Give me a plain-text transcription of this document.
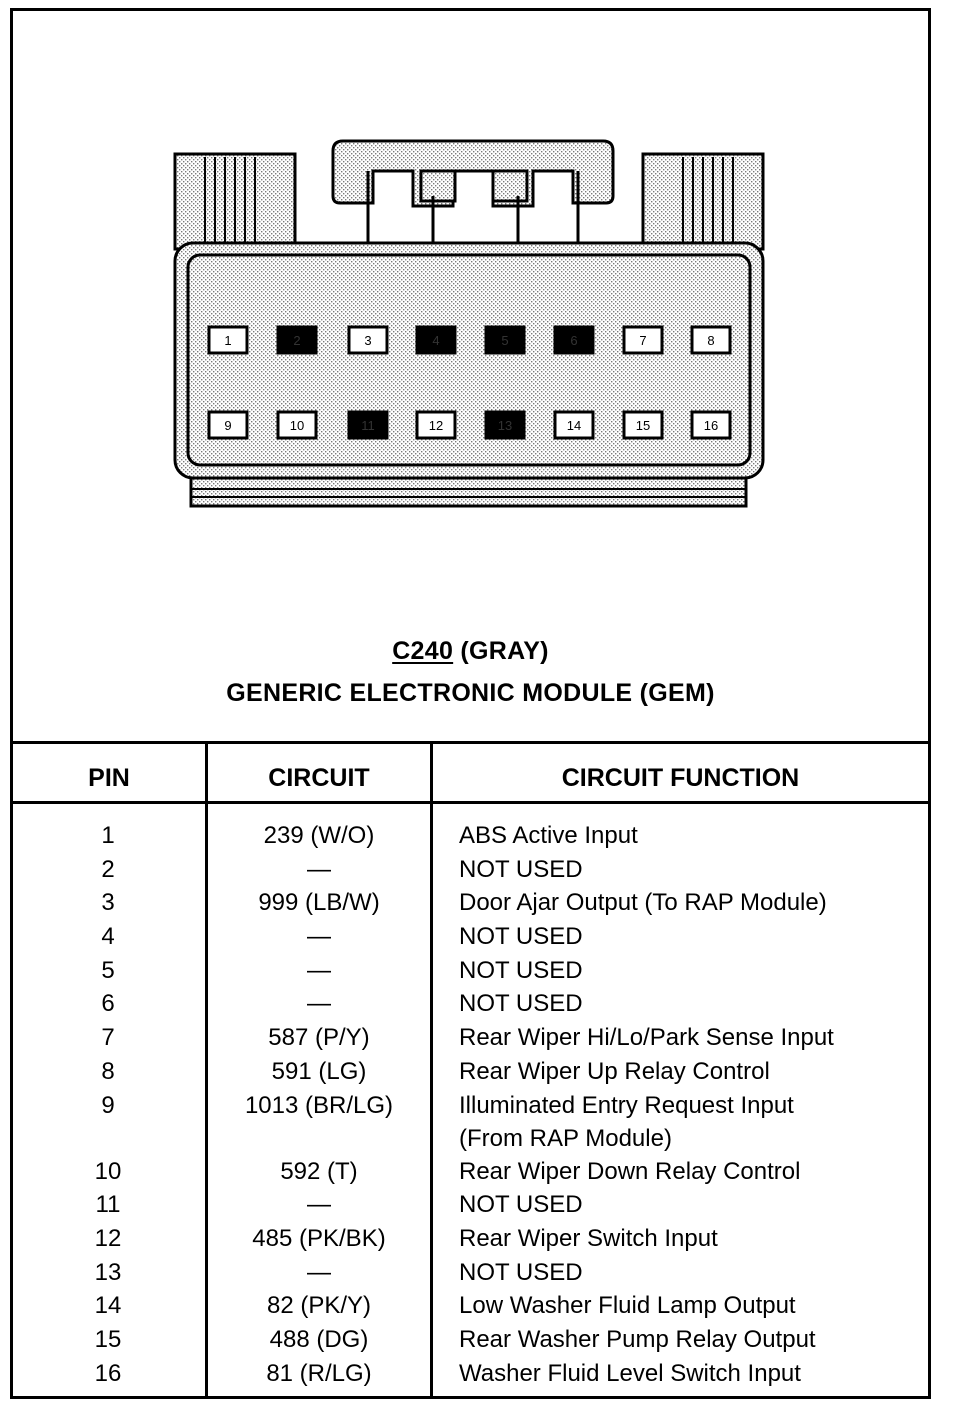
1	2	3	4	5	6	7	8
9	10	11	12	13	14	15	16
C240 (GRAY)
GENERIC ELECTRONIC MODULE (GEM)
PIN	CIRCUIT	CIRCUIT FUNCTION
1	239 (W/O)	ABS Active Input
2	—	NOT USED
3	999 (LB/W)	Door Ajar Output (To RAP Module)
4	—	NOT USED
5	—	NOT USED
6	—	NOT USED
7	587 (P/Y)	Rear Wiper Hi/Lo/Park Sense Input
8	591 (LG)	Rear Wiper Up Relay Control
9	1013 (BR/LG)	Illuminated Entry Request Input
(From RAP Module)
10	592 (T)	Rear Wiper Down Relay Control
11	—	NOT USED
12	485 (PK/BK)	Rear Wiper Switch Input
13	—	NOT USED
14	82 (PK/Y)	Low Washer Fluid Lamp Output
15	488 (DG)	Rear Washer Pump Relay Output
16	81 (R/LG)	Washer Fluid Level Switch Input
